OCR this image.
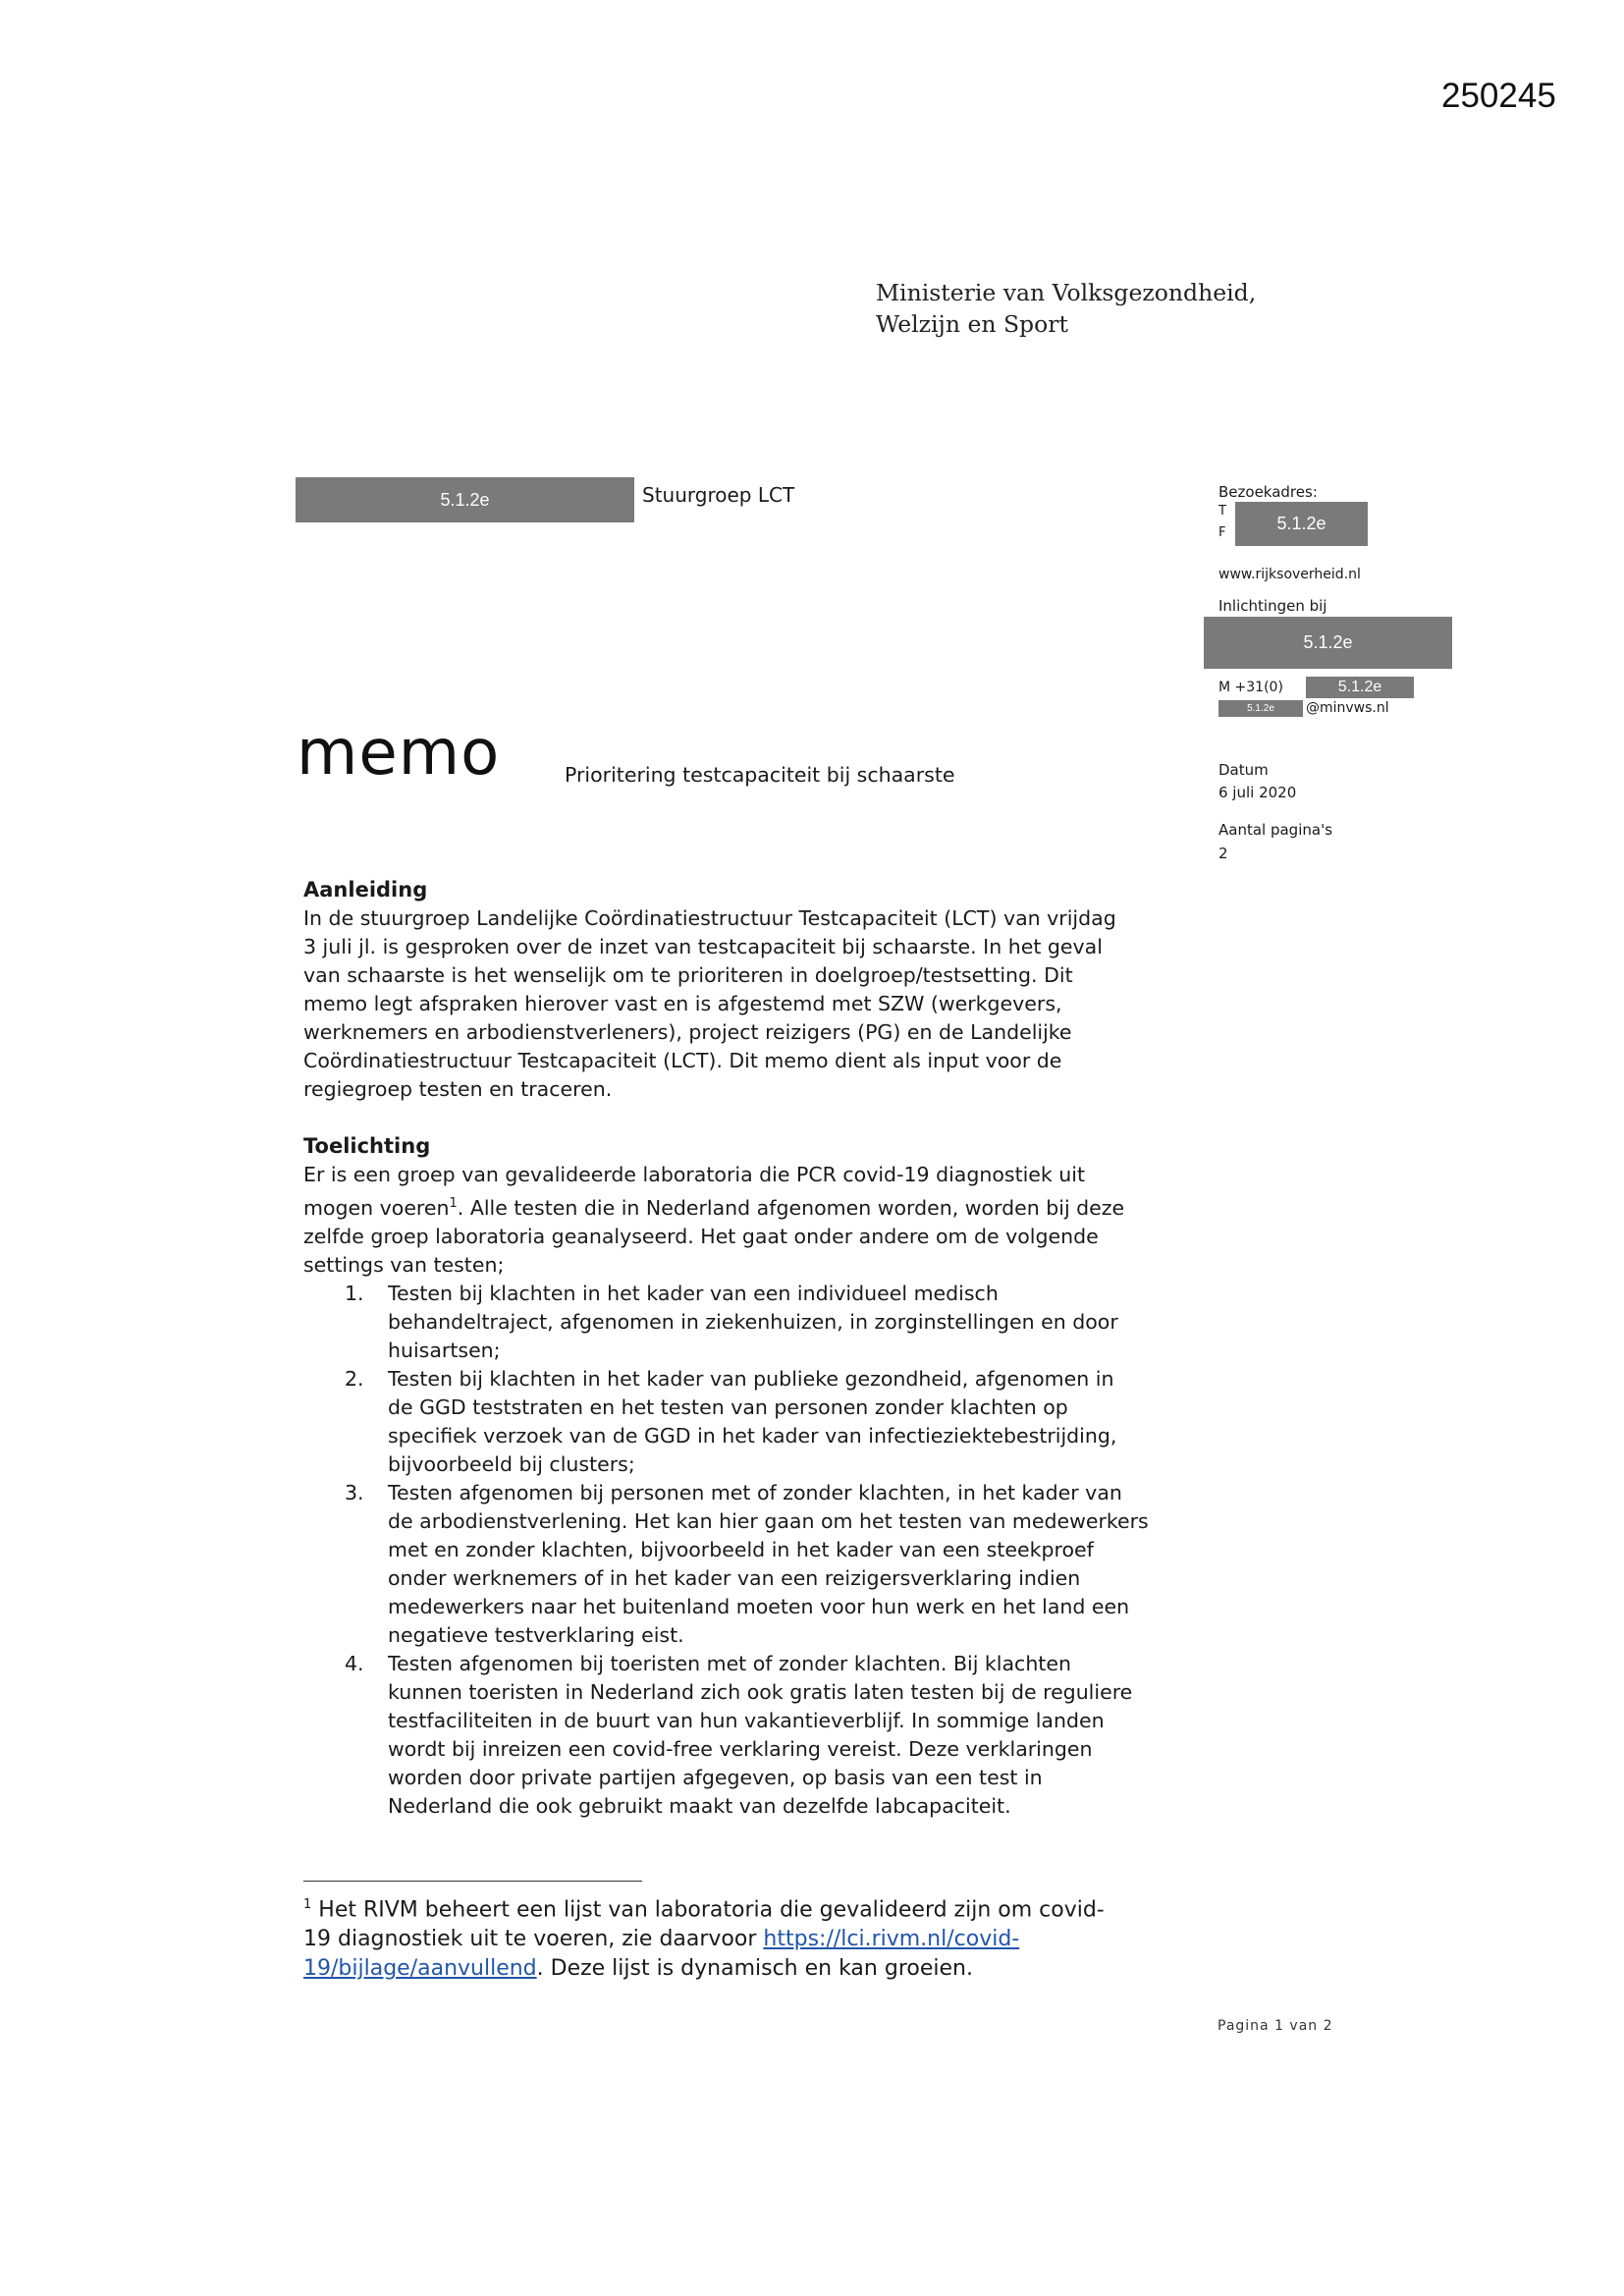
250245
Ministerie van Volksgezondheid,
Welzijn en Sport
5.1.2e	Stuurgroep LCT	Bezoekadres:
T
F	5.1.2e
www.rijksoverheid.nl
Inlichtingen bij
5.1.2e
M +31(0)	5.1.2e
5.1.2e	@minvws.nl
Datum
6 juli 2020
Aantal pagina's
2
memo	Prioritering testcapaciteit bij schaarste
Aanleiding

In de stuurgroep Landelijke Coördinatiestructuur Testcapaciteit (LCT) van vrijdag

3 juli jl. is gesproken over de inzet van testcapaciteit bij schaarste. In het geval

van schaarste is het wenselijk om te prioriteren in doelgroep/testsetting. Dit

memo legt afspraken hierover vast en is afgestemd met SZW (werkgevers,

werknemers en arbodienstverleners), project reizigers (PG) en de Landelijke

Coördinatiestructuur Testcapaciteit (LCT). Dit memo dient als input voor de

regiegroep testen en traceren.

Toelichting

Er is een groep van gevalideerde laboratoria die PCR covid-19 diagnostiek uit

mogen voeren$^1$. Alle testen die in Nederland afgenomen worden, worden bij deze

zelfde groep laboratoria geanalyseerd. Het gaat onder andere om de volgende

settings van testen;

1. Testen bij klachten in het kader van een individueel medisch
behandeltraject, afgenomen in ziekenhuizen, in zorginstellingen en door
huisartsen;
2. Testen bij klachten in het kader van publieke gezondheid, afgenomen in
de GGD teststraten en het testen van personen zonder klachten op
specifiek verzoek van de GGD in het kader van infectieziektebestrijding,
bijvoorbeeld bij clusters;
3. Testen afgenomen bij personen met of zonder klachten, in het kader van
de arbodienstverlening. Het kan hier gaan om het testen van medewerkers
met en zonder klachten, bijvoorbeeld in het kader van een steekproef
onder werknemers of in het kader van een reizigersverklaring indien
medewerkers naar het buitenland moeten voor hun werk en het land een
negatieve testverklaring eist.
4. Testen afgenomen bij toeristen met of zonder klachten. Bij klachten
kunnen toeristen in Nederland zich ook gratis laten testen bij de reguliere
testfaciliteiten in de buurt van hun vakantieverblijf. In sommige landen
wordt bij inreizen een covid-free verklaring vereist. Deze verklaringen
worden door private partijen afgegeven, op basis van een test in
Nederland die ook gebruikt maakt van dezelfde labcapaciteit.
$^1$ Het RIVM beheert een lijst van laboratoria die gevalideerd zijn om covid-
19 diagnostiek uit te voeren, zie daarvoor https://lci.rivm.nl/covid-
19/bijlage/aanvullend. Deze lijst is dynamisch en kan groeien.
Pagina 1 van 2
